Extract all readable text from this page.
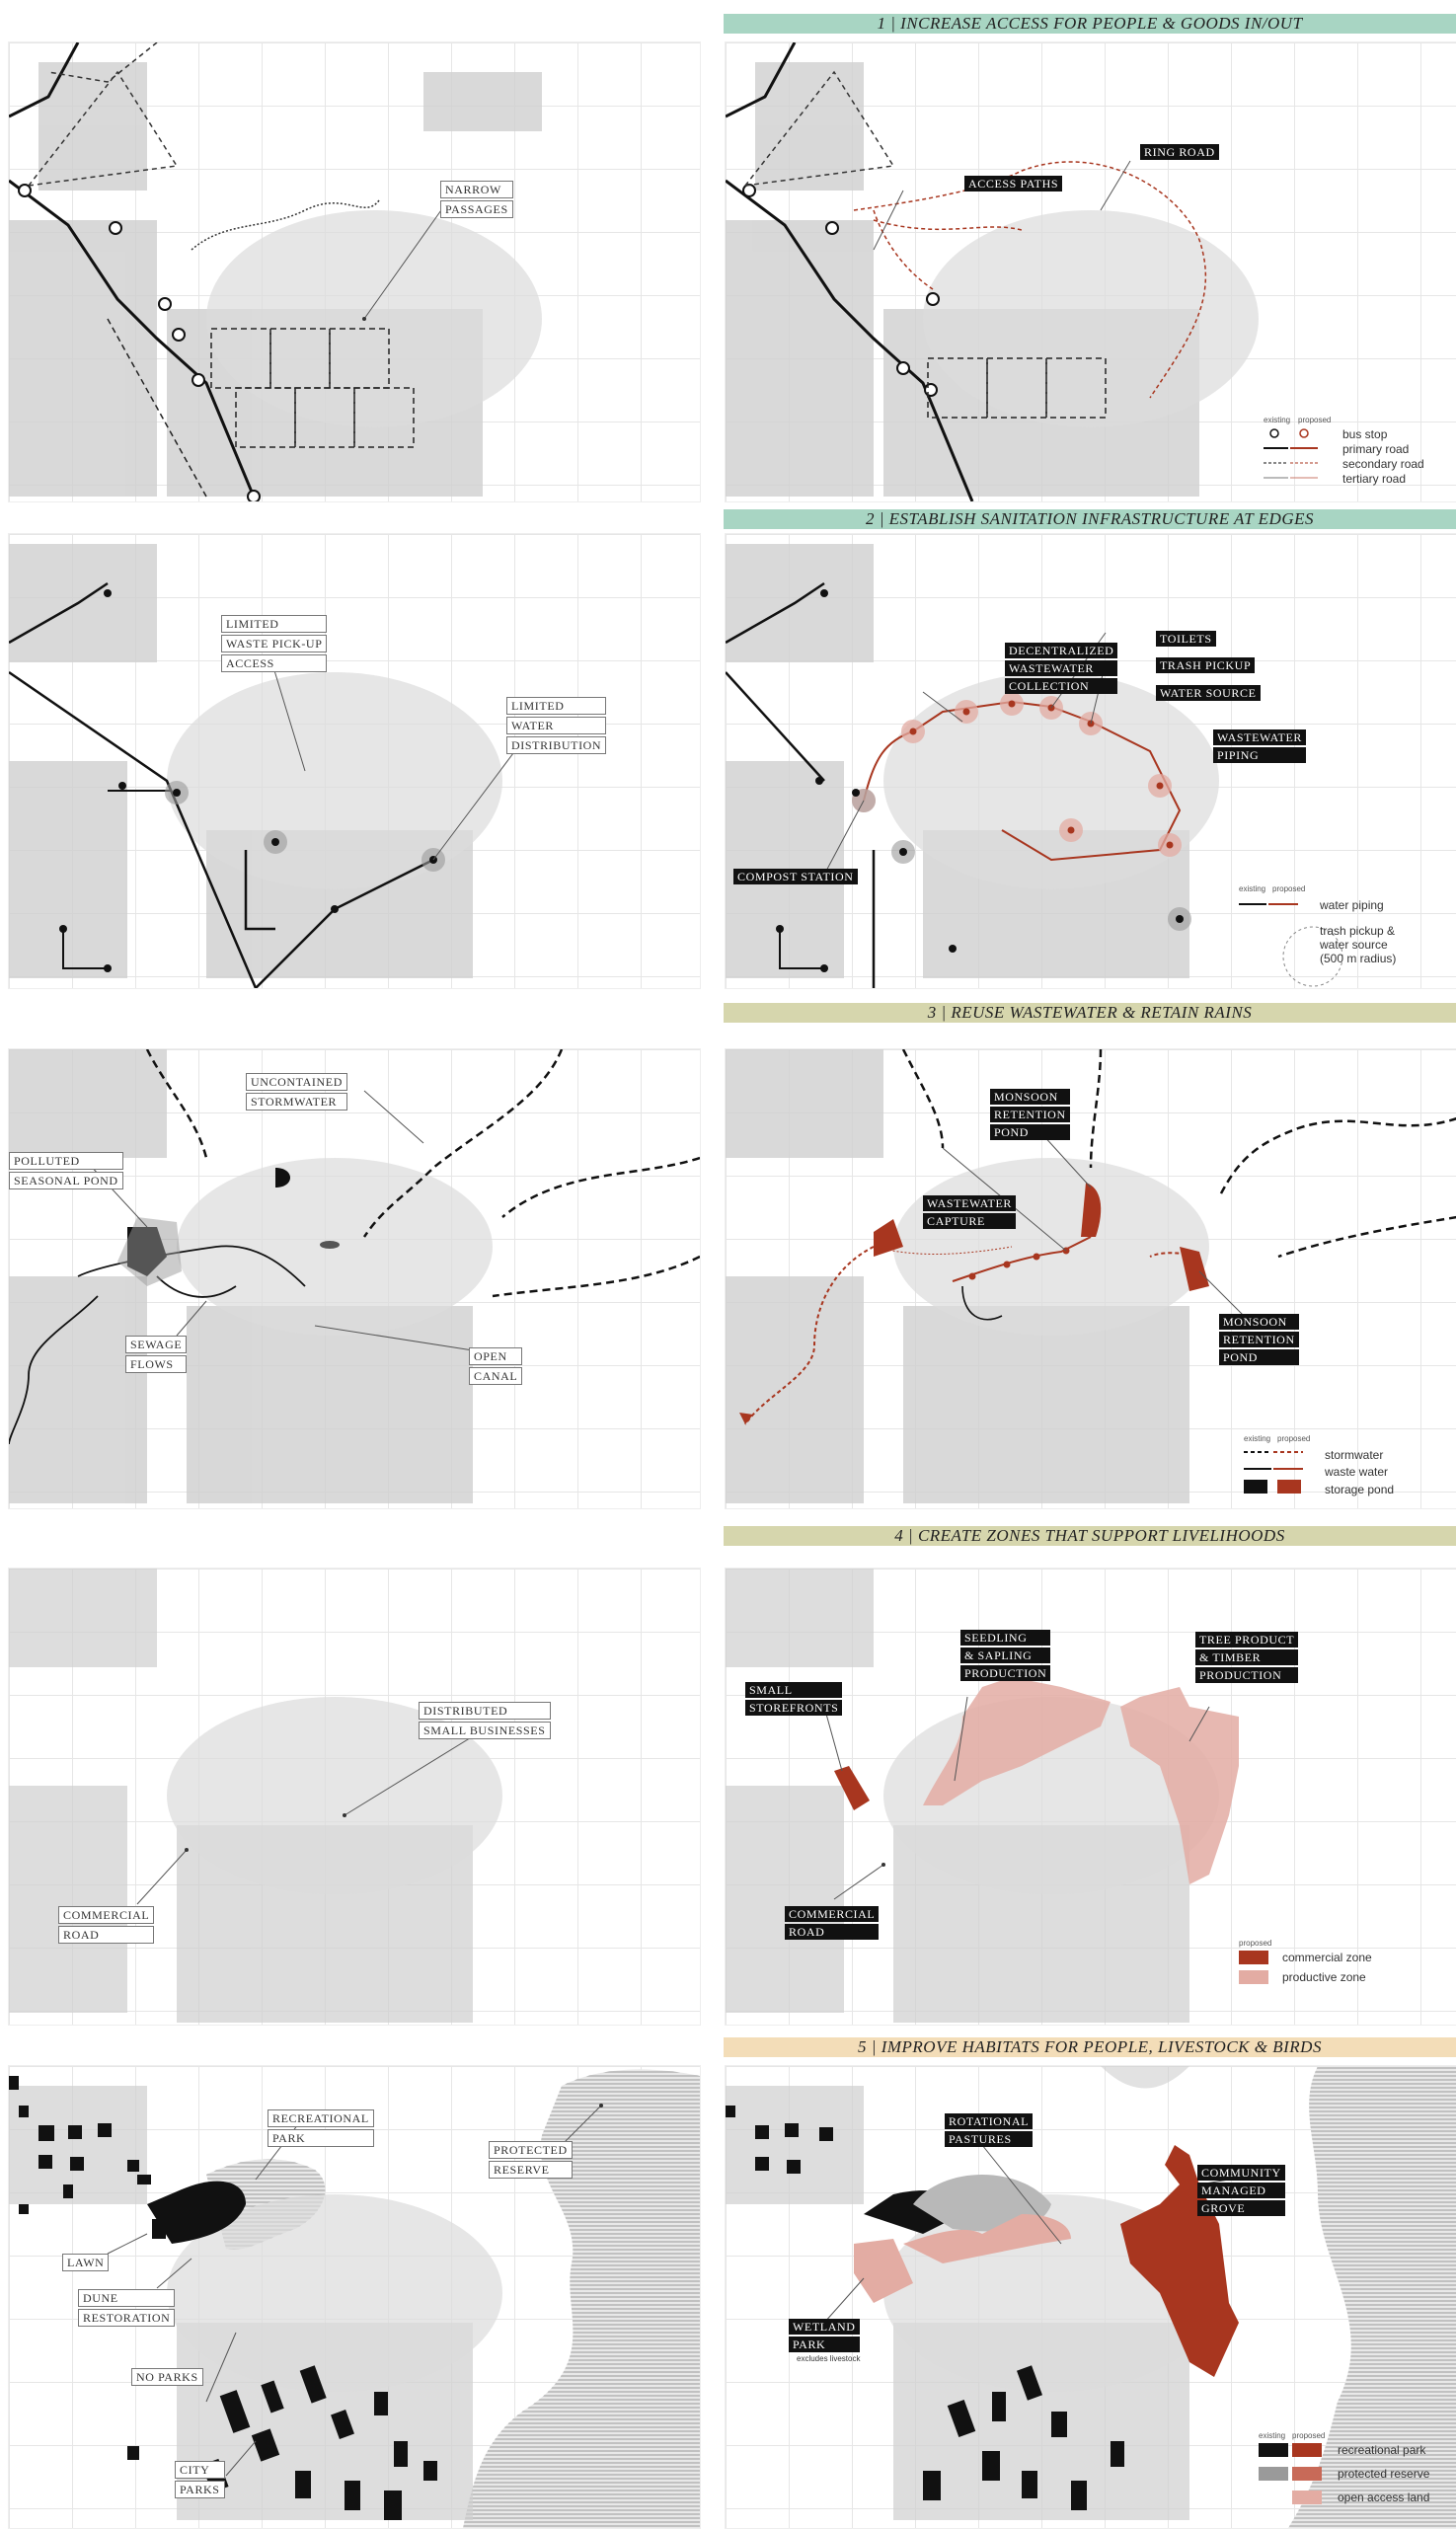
1 | INCREASE ACCESS FOR PEOPLE & GOODS IN/OUT
2 | ESTABLISH SANITATION INFRASTRUCTURE AT EDGES
3 | REUSE WASTEWATER & RETAIN RAINS
4 | CREATE ZONES THAT SUPPORT LIVELIHOODS
5 | IMPROVE HABITATS FOR PEOPLE, LIVESTOCK & BIRDS
NARROW
PASSAGES
ACCESS PATHS
RING ROAD
existing proposed
bus stop
primary road
secondary road
tertiary road
LIMITED
WASTE PICK-UP
ACCESS
LIMITED
WATER
DISTRIBUTION
DECENTRALIZED
WASTEWATER
COLLECTION
TOILETS
TRASH PICKUP
WATER SOURCE
WASTEWATER
PIPING
COMPOST STATION
existing proposed
water piping
trash pickup &
water source
(500 m radius)
UNCONTAINED
STORMWATER
POLLUTED
SEASONAL POND
SEWAGE
FLOWS
OPEN
CANAL
MONSOON
RETENTION
POND
WASTEWATER
CAPTURE
MONSOON
RETENTION
POND
existing proposed
stormwater
waste water
storage pond
DISTRIBUTED
SMALL BUSINESSES
COMMERCIAL
ROAD
SMALL
STOREFRONTS
SEEDLING
& SAPLING
PRODUCTION
TREE PRODUCT
& TIMBER
PRODUCTION
COMMERCIAL
ROAD
proposed
commercial zone
productive zone
RECREATIONAL
PARK
PROTECTED
RESERVE
LAWN
DUNE
RESTORATION
NO PARKS
CITY
PARKS
ROTATIONAL
PASTURES
COMMUNITY
MANAGED
GROVE
WETLAND
PARK
excludes livestock
existing proposed
recreational park
protected reserve
open access land
